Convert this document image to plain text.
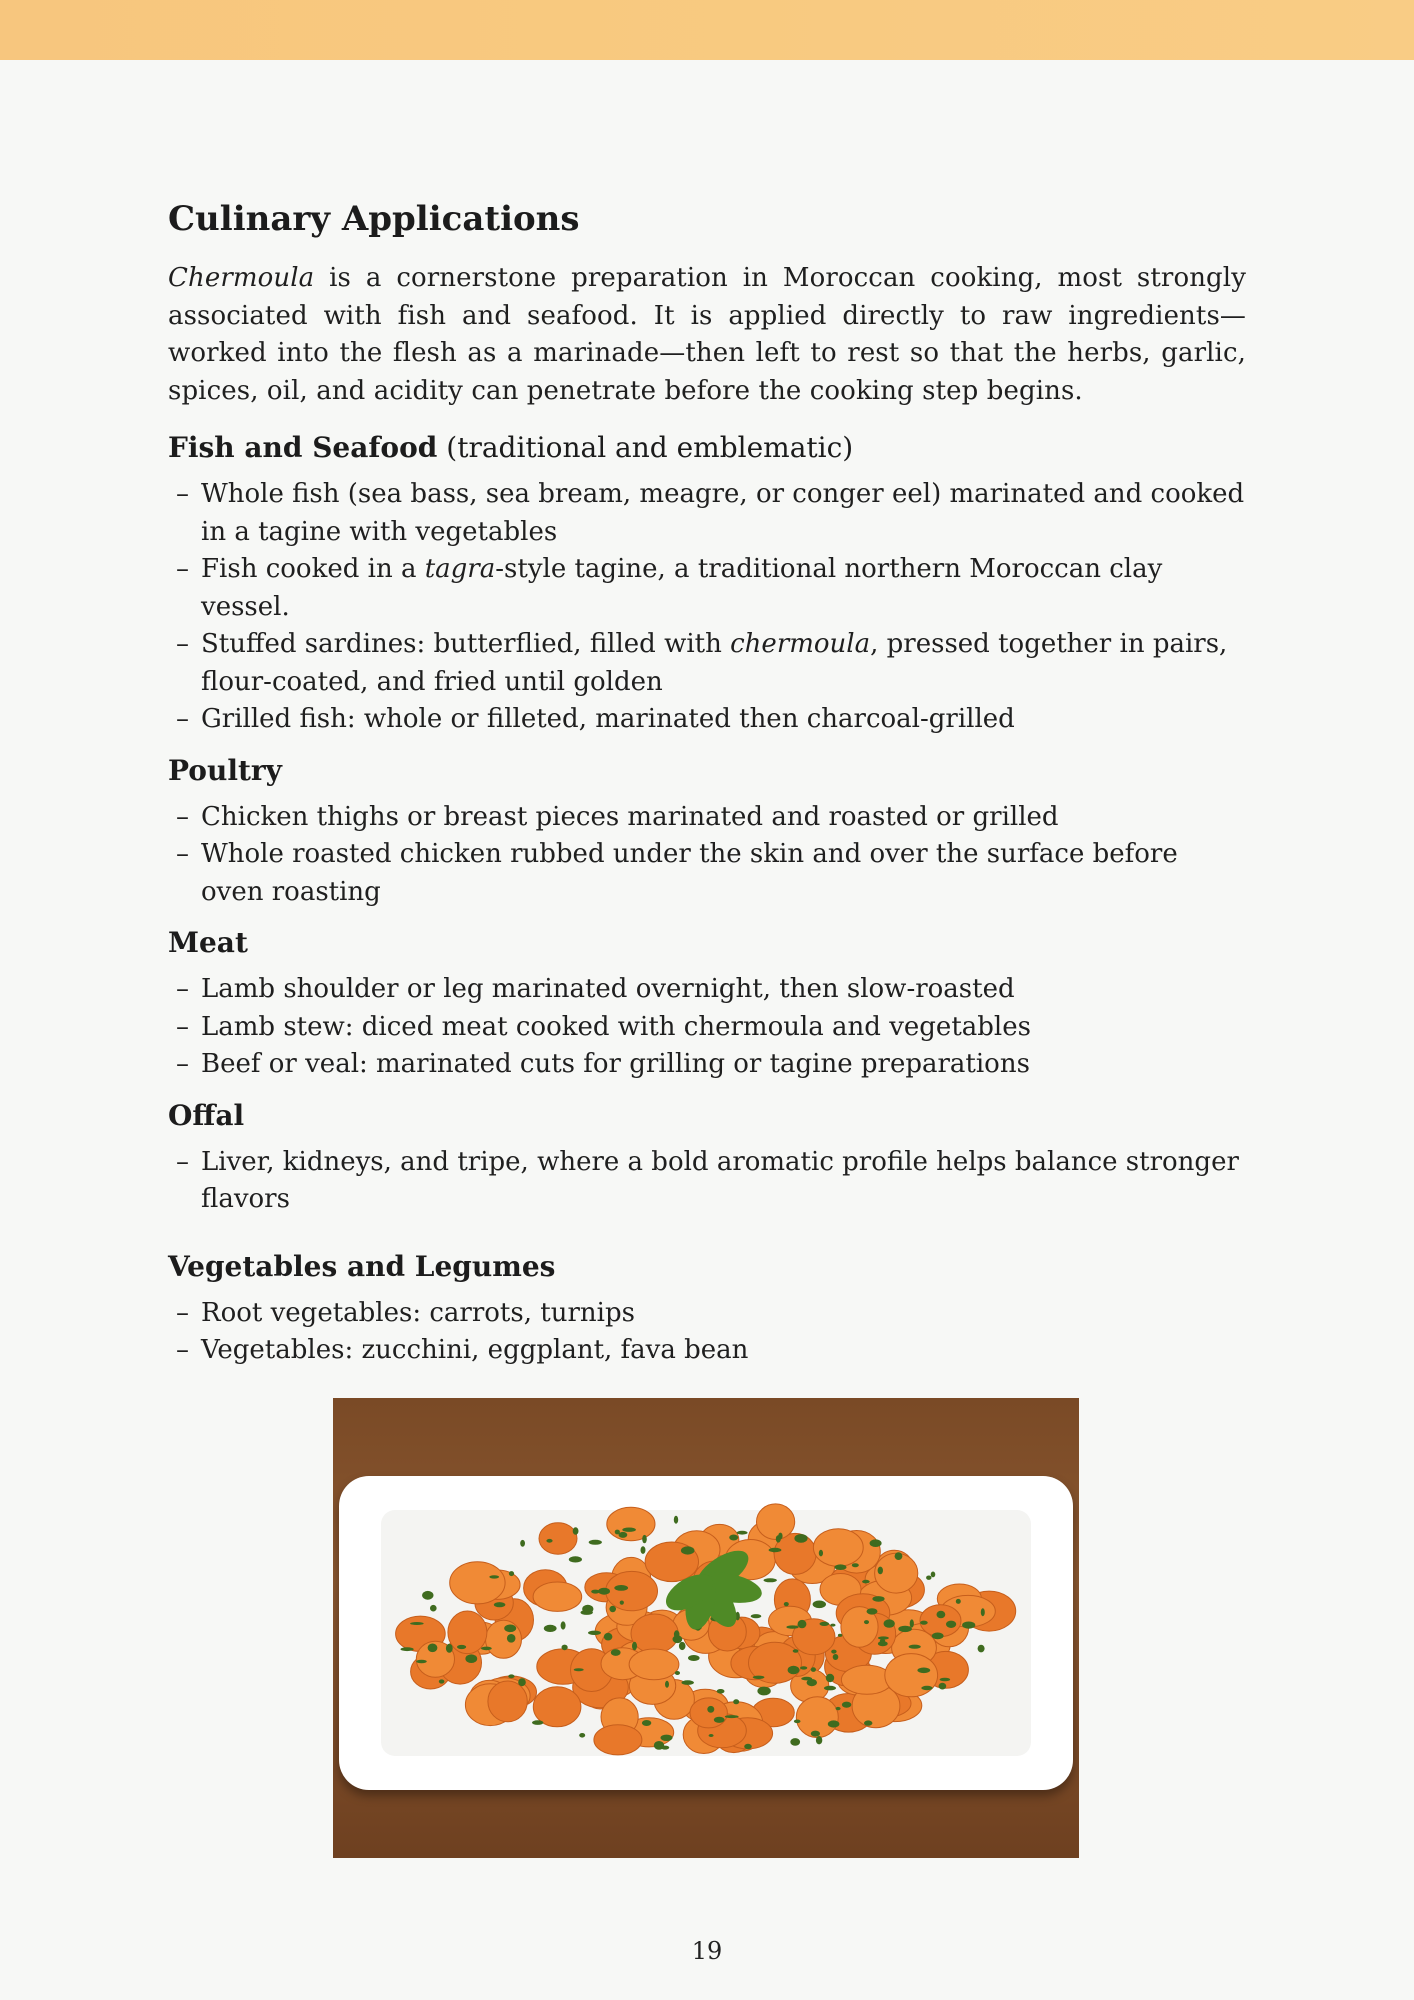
Culinary Applications

Chermoula is a cornerstone preparation in Moroccan cooking, most strongly associated with fish and seafood. It is applied directly to raw ingredients—worked into the flesh as a marinade—then left to rest so that the herbs, garlic, spices, oil, and acidity can penetrate before the cooking step begins.

Fish and Seafood (traditional and emblematic)
– Whole fish (sea bass, sea bream, meagre, or conger eel) marinated and cooked in a tagine with vegetables
– Fish cooked in a tagra-style tagine, a traditional northern Moroccan clay vessel.
– Stuffed sardines: butterflied, filled with chermoula, pressed together in pairs, flour-coated, and fried until golden
– Grilled fish: whole or filleted, marinated then charcoal-grilled
Poultry
– Chicken thighs or breast pieces marinated and roasted or grilled
– Whole roasted chicken rubbed under the skin and over the surface before oven roasting
Meat
– Lamb shoulder or leg marinated overnight, then slow-roasted
– Lamb stew: diced meat cooked with chermoula and vegetables
– Beef or veal: marinated cuts for grilling or tagine preparations
Offal
– Liver, kidneys, and tripe, where a bold aromatic profile helps balance stronger flavors
Vegetables and Legumes
– Root vegetables: carrots, turnips
– Vegetables: zucchini, eggplant, fava bean
19
